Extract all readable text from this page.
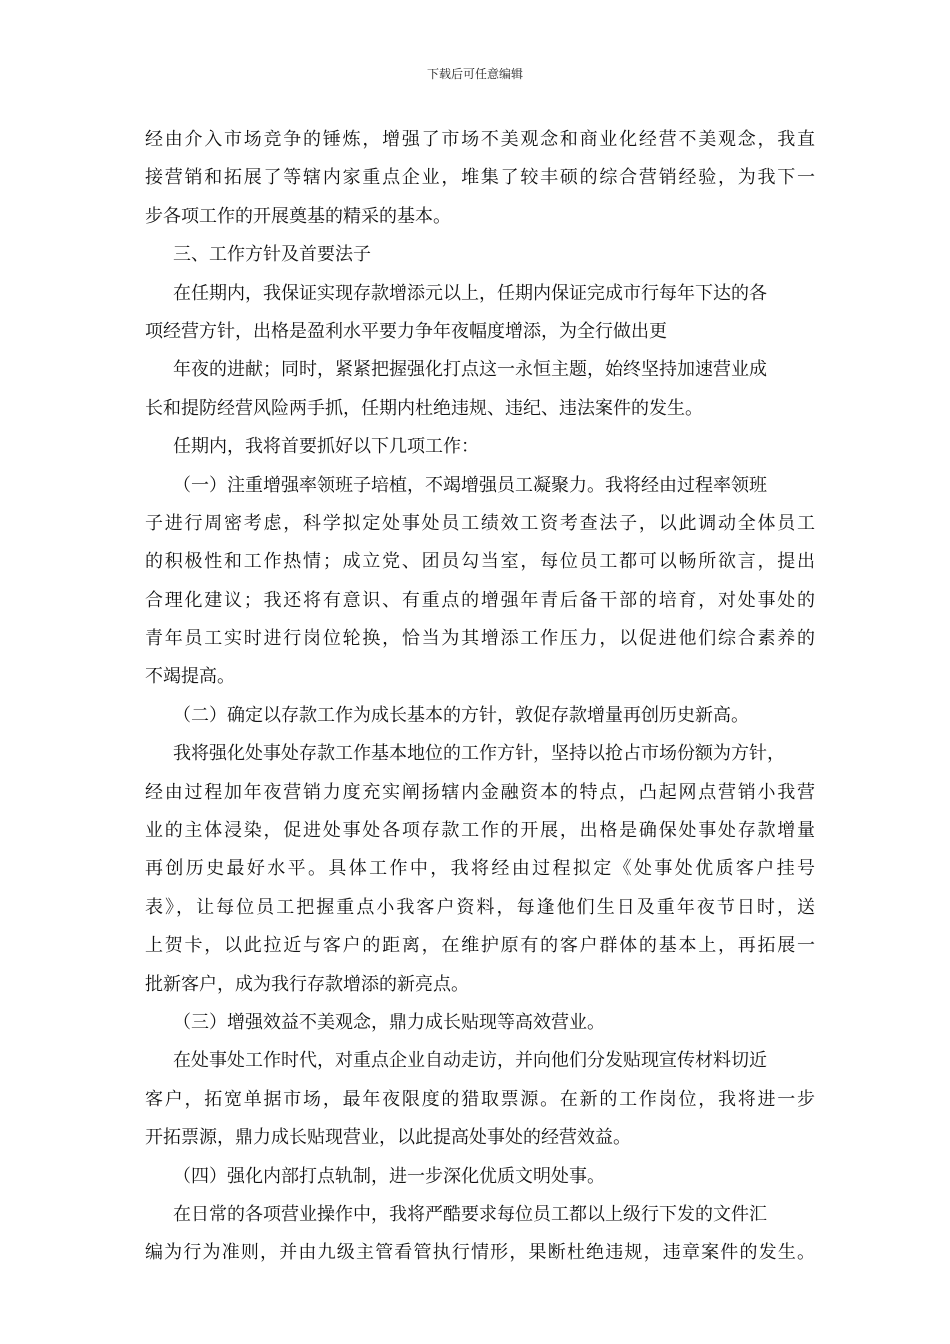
下载后可任意编辑
经由介入市场竞争的锤炼，增强了市场不美观念和商业化经营不美观念，我直
接营销和拓展了等辖内家重点企业，堆集了较丰硕的综合营销经验，为我下一
步各项工作的开展奠基的精采的基本。
三、工作方针及首要法子
在任期内，我保证实现存款增添元以上，任期内保证完成市行每年下达的各
项经营方针，出格是盈利水平要力争年夜幅度增添，为全行做出更
年夜的进献；同时，紧紧把握强化打点这一永恒主题，始终坚持加速营业成
长和提防经营风险两手抓，任期内杜绝违规、违纪、违法案件的发生。
任期内，我将首要抓好以下几项工作：
（一）注重增强率领班子培植，不竭增强员工凝聚力。我将经由过程率领班
子进行周密考虑，科学拟定处事处员工绩效工资考查法子，以此调动全体员工
的积极性和工作热情；成立党、团员勾当室，每位员工都可以畅所欲言，提出
合理化建议；我还将有意识、有重点的增强年青后备干部的培育，对处事处的
青年员工实时进行岗位轮换，恰当为其增添工作压力，以促进他们综合素养的
不竭提高。
（二）确定以存款工作为成长基本的方针，敦促存款增量再创历史新高。
我将强化处事处存款工作基本地位的工作方针，坚持以抢占市场份额为方针，
经由过程加年夜营销力度充实阐扬辖内金融资本的特点，凸起网点营销小我营
业的主体浸染，促进处事处各项存款工作的开展，出格是确保处事处存款增量
再创历史最好水平。具体工作中，我将经由过程拟定《处事处优质客户挂号
表》，让每位员工把握重点小我客户资料，每逢他们生日及重年夜节日时，送
上贺卡，以此拉近与客户的距离，在维护原有的客户群体的基本上，再拓展一
批新客户，成为我行存款增添的新亮点。
（三）增强效益不美观念，鼎力成长贴现等高效营业。
在处事处工作时代，对重点企业自动走访，并向他们分发贴现宣传材料切近
客户，拓宽单据市场，最年夜限度的猎取票源。在新的工作岗位，我将进一步
开拓票源，鼎力成长贴现营业，以此提高处事处的经营效益。
（四）强化内部打点轨制，进一步深化优质文明处事。
在日常的各项营业操作中，我将严酷要求每位员工都以上级行下发的文件汇
编为行为准则，并由九级主管看管执行情形，果断杜绝违规，违章案件的发生。
